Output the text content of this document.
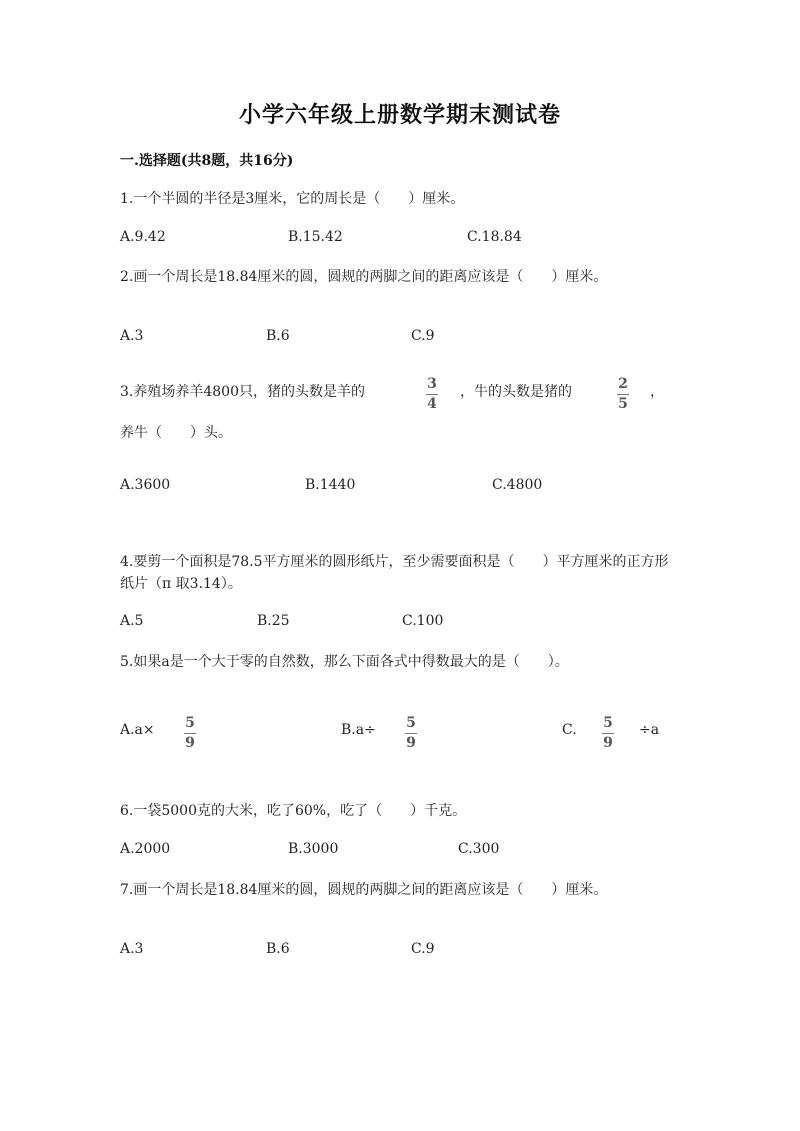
小学六年级上册数学期末测试卷
一.选择题(共8题，共16分)
1.一个半圆的半径是3厘米，它的周长是（　　）厘米。
A.9.42	B.15.42	C.18.84
2.画一个周长是18.84厘米的圆，圆规的两脚之间的距离应该是（　　）厘米。
A.3	B.6	C.9
3.养殖场养羊4800只，猪的头数是羊的	3
4
，牛的头数是猪的	2
5
，
养牛（　　）头。
A.3600	B.1440	C.4800
4.要剪一个面积是78.5平方厘米的圆形纸片，至少需要面积是（　　）平方厘米的正方形纸片（π 取3.14）。
A.5	B.25	C.100
5.如果a是一个大于零的自然数，那么下面各式中得数最大的是（　　）。
A.a× 5
9
B.a÷ 5
9
C. 5
9
÷a
6.一袋5000克的大米，吃了60%，吃了（　　）千克。
A.2000	B.3000	C.300
7.画一个周长是18.84厘米的圆，圆规的两脚之间的距离应该是（　　）厘米。
A.3	B.6	C.9
